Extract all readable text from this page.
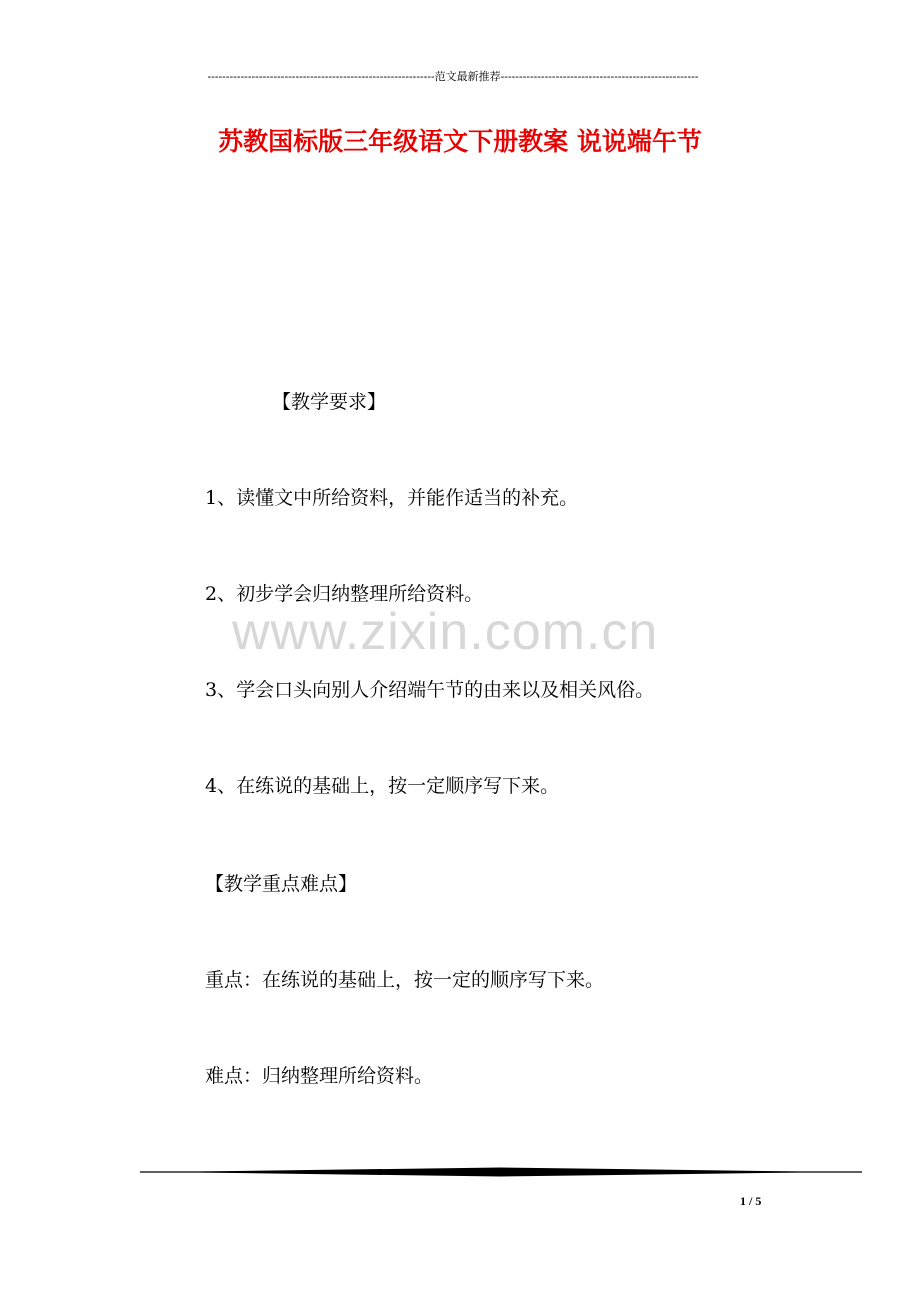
--------------------------------------------------------------范文最新推荐------------------------------------------------------
苏教国标版三年级语文下册教案 说说端午节
【教学要求】
1、读懂文中所给资料，并能作适当的补充。
2、初步学会归纳整理所给资料。
3、学会口头向别人介绍端午节的由来以及相关风俗。
4、在练说的基础上，按一定顺序写下来。
【教学重点难点】
重点：在练说的基础上，按一定的顺序写下来。
难点：归纳整理所给资料。
www.zixin.com.cn
1 / 5
